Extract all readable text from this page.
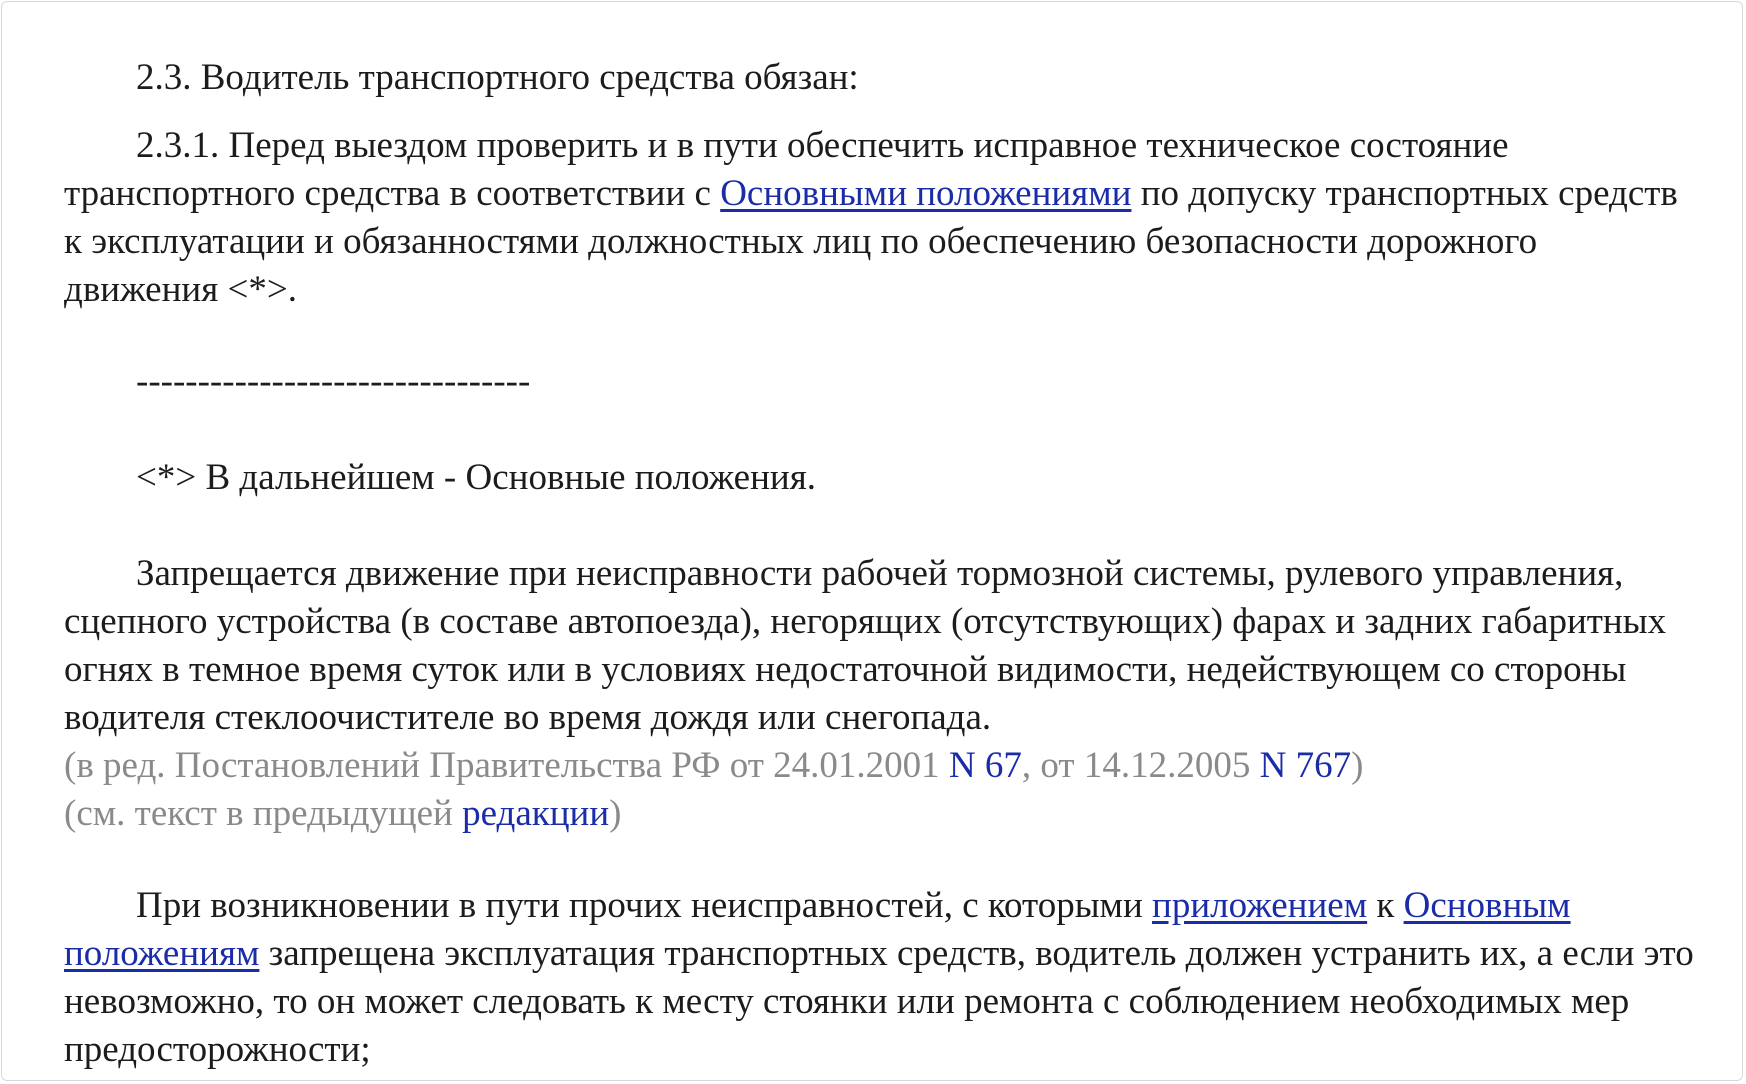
2.3. Водитель транспортного средства обязан:

2.3.1. Перед выездом проверить и в пути обеспечить исправное техническое состояние транспортного средства в соответствии с Основными положениями по допуску транспортных средств к эксплуатации и обязанностями должностных лиц по обеспечению безопасности дорожного движения <*>.

--------------------------------

<*> В дальнейшем - Основные положения.

Запрещается движение при неисправности рабочей тормозной системы, рулевого управления, сцепного устройства (в составе автопоезда), негорящих (отсутствующих) фарах и задних габаритных огнях в темное время суток или в условиях недостаточной видимости, недействующем со стороны водителя стеклоочистителе во время дождя или снегопада.

(в ред. Постановлений Правительства РФ от 24.01.2001 N 67, от 14.12.2005 N 767)

(см. текст в предыдущей редакции)

При возникновении в пути прочих неисправностей, с которыми приложением к Основным положениям запрещена эксплуатация транспортных средств, водитель должен устранить их, а если это невозможно, то он может следовать к месту стоянки или ремонта с соблюдением необходимых мер предосторожности;
